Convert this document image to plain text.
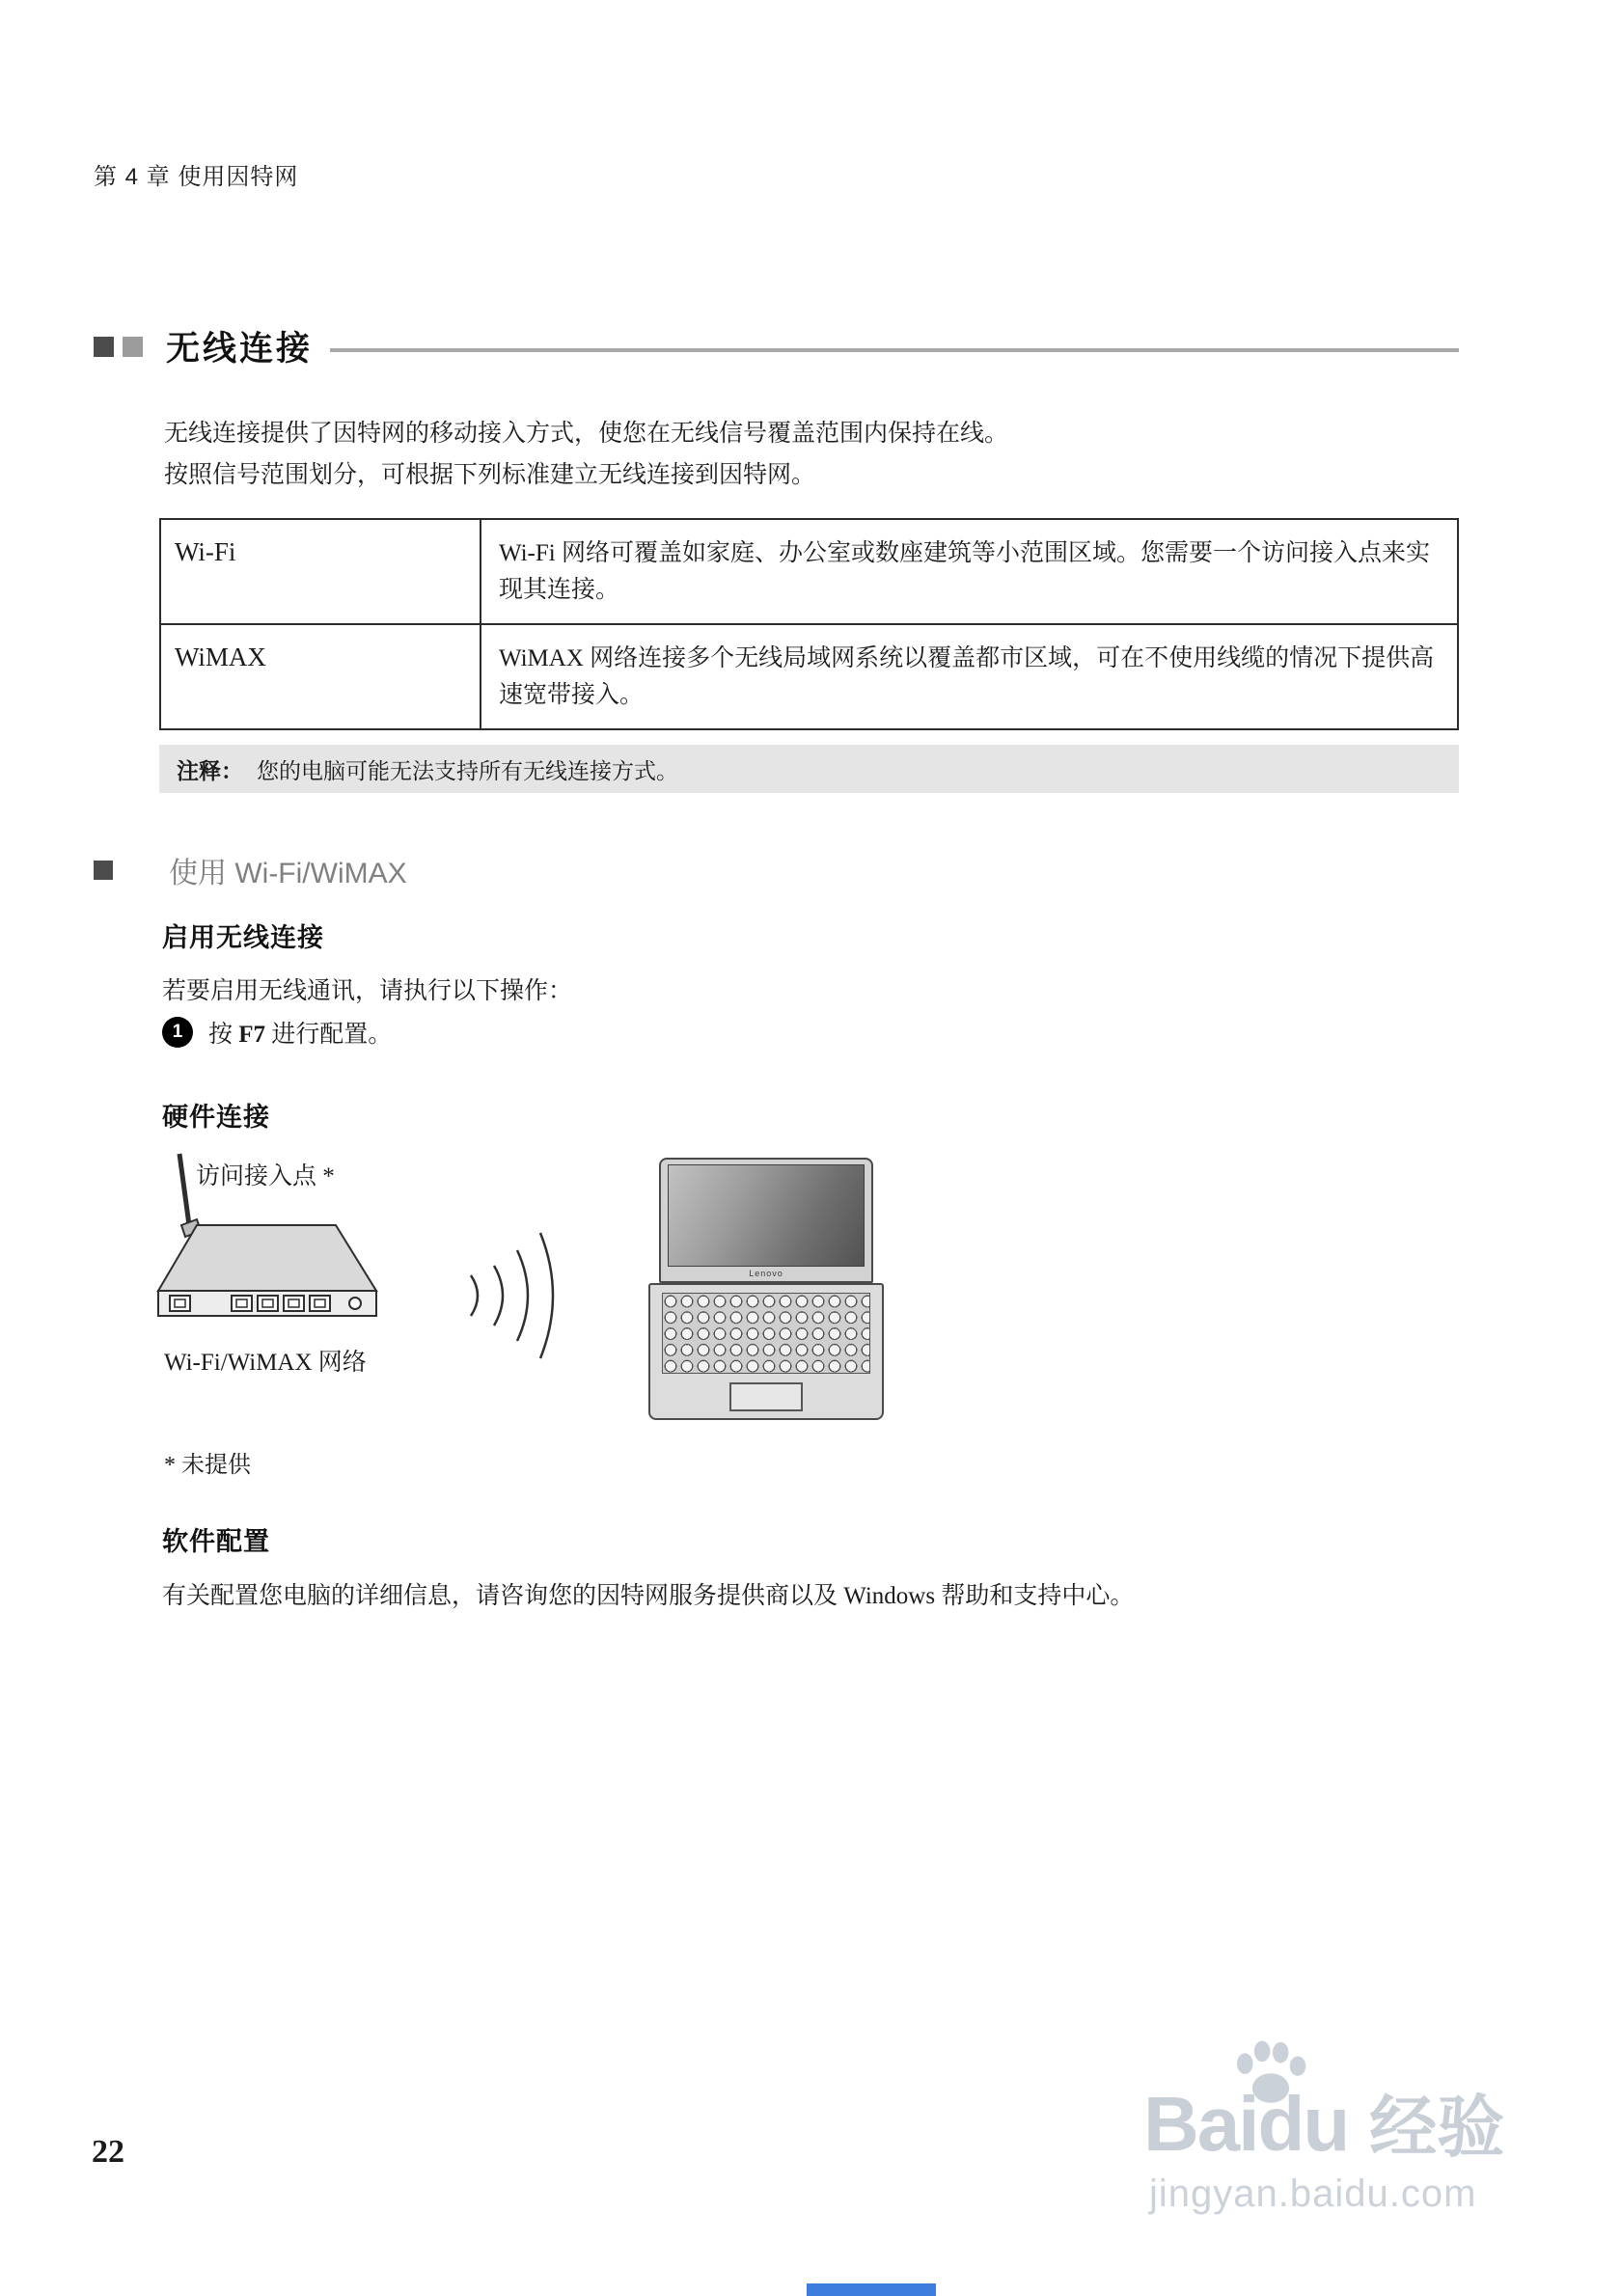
第 4 章 使用因特网
无线连接
无线连接提供了因特网的移动接入方式，使您在无线信号覆盖范围内保持在线。
按照信号范围划分，可根据下列标准建立无线连接到因特网。
Wi-Fi	Wi-Fi 网络可覆盖如家庭、办公室或数座建筑等小范围区域。您需要一个访问接入点来实现其连接。
WiMAX	WiMAX 网络连接多个无线局域网系统以覆盖都市区域，可在不使用线缆的情况下提供高速宽带接入。
注释： 您的电脑可能无法支持所有无线连接方式。
使用 Wi-Fi/WiMAX
启用无线连接
若要启用无线通讯，请执行以下操作：
1	按 F7 进行配置。
硬件连接
访问接入点 *
Wi-Fi/WiMAX 网络
Lenovo
* 未提供
软件配置
有关配置您电脑的详细信息，请咨询您的因特网服务提供商以及 Windows 帮助和支持中心。
22	Baidu 经验
jingyan.baidu.com
